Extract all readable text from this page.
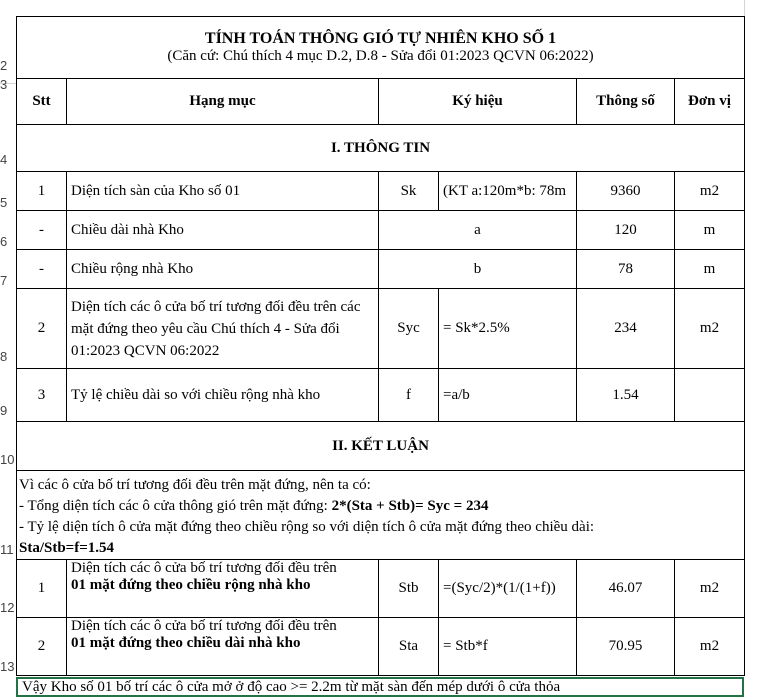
2
3
4
5
6
7
8
9
10
11
12
13
TÍNH TOÁN THÔNG GIÓ TỰ NHIÊN KHO SỐ 1
(Căn cứ: Chú thích 4 mục D.2, D.8 - Sửa đổi 01:2023 QCVN 06:2022)					

Stt	Hạng mục	Ký hiệu		Thông số	Đơn vị
I. THÔNG TIN					
1	Diện tích sàn của Kho số 01	Sk	(KT a:120m*b: 78m	9360	m2
-	Chiều dài nhà Kho	a		120	m
-	Chiều rộng nhà Kho	b		78	m
2	Diện tích các ô cửa bố trí tương đối đều trên các mặt đứng theo yêu cầu Chú thích 4 - Sửa đổi 01:2023 QCVN 06:2022	Syc	= Sk*2.5%	234	m2
3	Tỷ lệ chiều dài so với chiều rộng nhà kho	f	=a/b	1.54	
II. KẾT LUẬN					

Vì các ô cửa bố trí tương đối đều trên mặt đứng, nên ta có:
- Tổng diện tích các ô cửa thông gió trên mặt đứng: 2*(Sta + Stb)= Syc = 234
- Tỷ lệ diện tích ô cửa mặt đứng theo chiều rộng so với diện tích ô cửa mặt đứng theo chiều dài:
Sta/Stb=f=1.54					

1	Diện tích các ô cửa bố trí tương đối đều trên
01 mặt đứng theo chiều rộng nhà kho	Stb	=(Syc/2)*(1/(1+f))	46.07	m2
2	Diện tích các ô cửa bố trí tương đối đều trên
01 mặt đứng theo chiều dài nhà kho	Sta	= Stb*f	70.95	m2
Vậy Kho số 01 bố trí các ô cửa mở ở độ cao >= 2.2m từ mặt sàn đến mép dưới ô cửa thỏa
